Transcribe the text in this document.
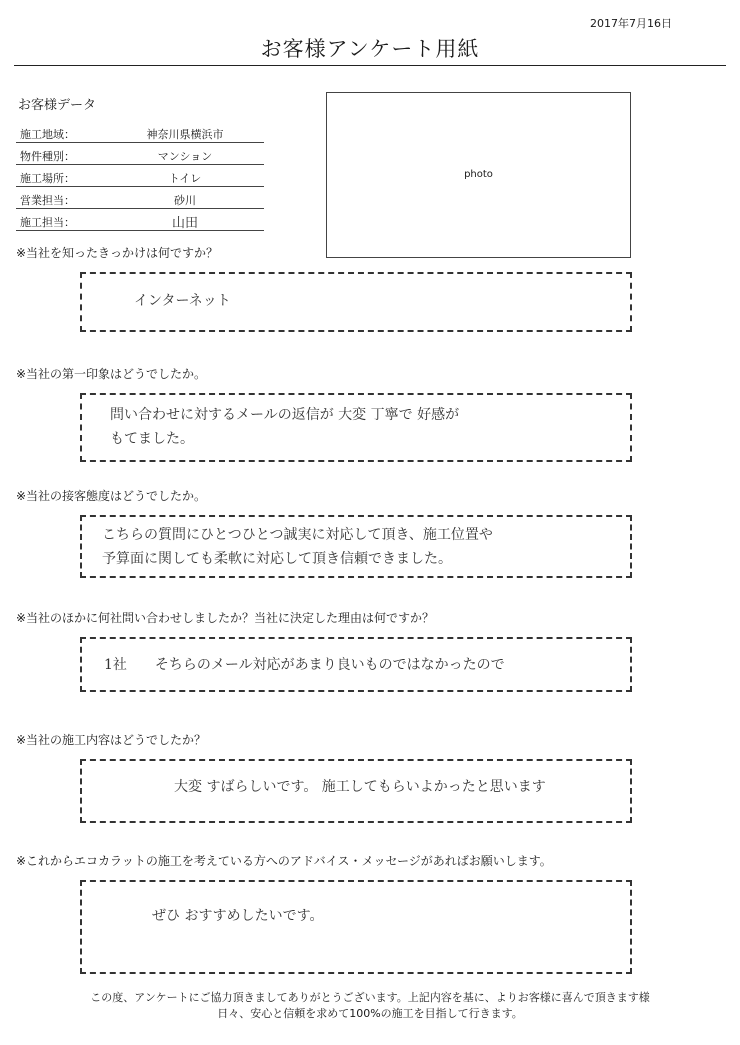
2017年7月16日
お客様アンケート用紙
お客様データ
施工地域：	神奈川県横浜市
物件種別：	マンション
施工場所：	トイレ
営業担当：	砂川
施工担当：	山田
photo
※当社を知ったきっかけは何ですか？
インターネット
※当社の第一印象はどうでしたか。
問い合わせに対するメールの返信が 大変 丁寧で 好感が
もてました。
※当社の接客態度はどうでしたか。
こちらの質問にひとつひとつ誠実に対応して頂き、施工位置や
予算面に関しても柔軟に対応して頂き信頼できました。
※当社のほかに何社問い合わせしましたか？当社に決定した理由は何ですか？
1社　　そちらのメール対応があまり良いものではなかったので
※当社の施工内容はどうでしたか？
大変 すばらしいです。 施工してもらいよかったと思います
※これからエコカラットの施工を考えている方へのアドバイス・メッセージがあればお願いします。
ぜひ おすすめしたいです。
この度、アンケートにご協力頂きましてありがとうございます。上記内容を基に、よりお客様に喜んで頂きます様
日々、安心と信頼を求めて100%の施工を目指して行きます。
